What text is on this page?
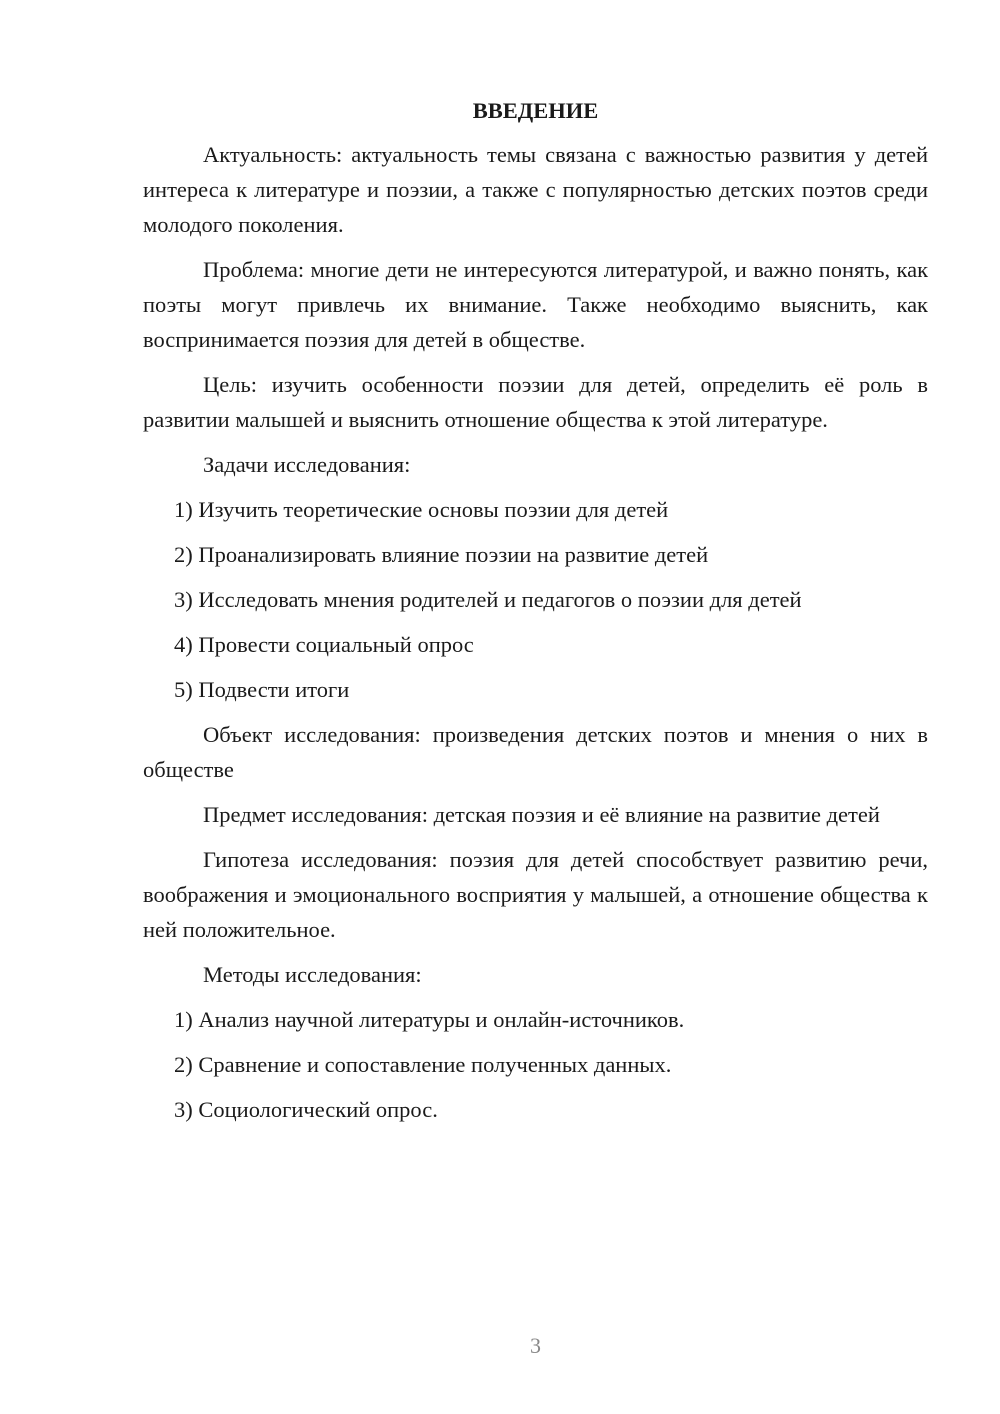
ВВЕДЕНИЕ
Актуальность: актуальность темы связана с важностью развития у детей интереса к литературе и поэзии, а также с популярностью детских поэтов среди молодого поколения.
Проблема: многие дети не интересуются литературой, и важно понять, как поэты могут привлечь их внимание. Также необходимо выяснить, как воспринимается поэзия для детей в обществе.
Цель: изучить особенности поэзии для детей, определить её роль в развитии малышей и выяснить отношение общества к этой литературе.
Задачи исследования:
1) Изучить теоретические основы поэзии для детей
2) Проанализировать влияние поэзии на развитие детей
3) Исследовать мнения родителей и педагогов о поэзии для детей
4) Провести социальный опрос
5) Подвести итоги
Объект исследования: произведения детских поэтов и мнения о них в обществе
Предмет исследования: детская поэзия и её влияние на развитие детей
Гипотеза исследования: поэзия для детей способствует развитию речи, воображения и эмоционального восприятия у малышей, а отношение общества к ней положительное.
Методы исследования:
1) Анализ научной литературы и онлайн-источников.
2) Сравнение и сопоставление полученных данных.
3) Социологический опрос.
3
